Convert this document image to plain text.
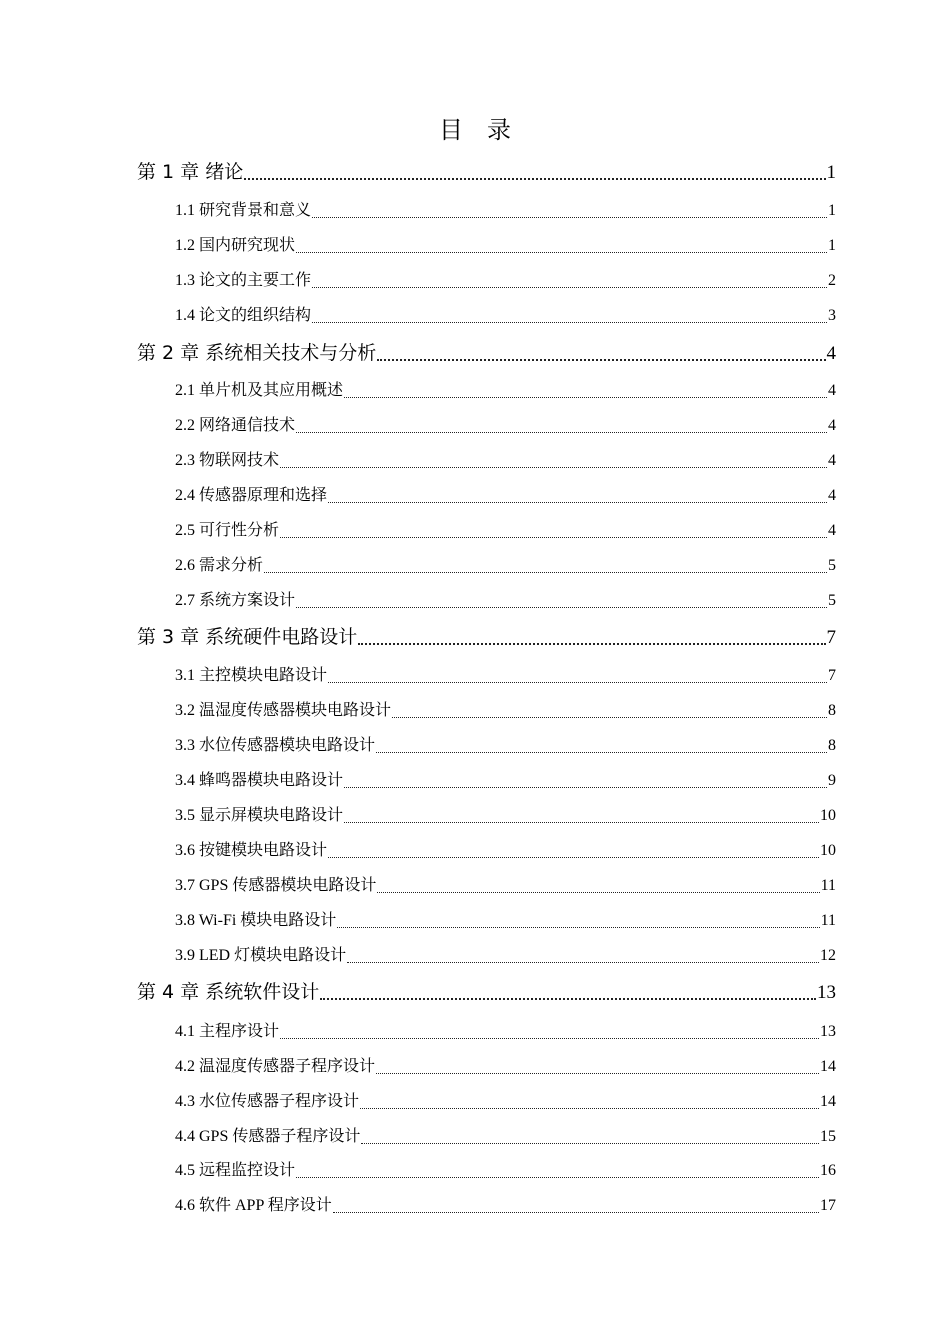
目　录
第 1 章 绪论	1
1.1 研究背景和意义	1
1.2 国内研究现状	1
1.3 论文的主要工作	2
1.4 论文的组织结构	3
第 2 章 系统相关技术与分析	4
2.1 单片机及其应用概述	4
2.2 网络通信技术	4
2.3 物联网技术	4
2.4 传感器原理和选择	4
2.5 可行性分析	4
2.6 需求分析	5
2.7 系统方案设计	5
第 3 章 系统硬件电路设计	7
3.1 主控模块电路设计	7
3.2 温湿度传感器模块电路设计	8
3.3 水位传感器模块电路设计	8
3.4 蜂鸣器模块电路设计	9
3.5 显示屏模块电路设计	10
3.6 按键模块电路设计	10
3.7 GPS 传感器模块电路设计	11
3.8 Wi-Fi 模块电路设计	11
3.9 LED 灯模块电路设计	12
第 4 章 系统软件设计	13
4.1 主程序设计	13
4.2 温湿度传感器子程序设计	14
4.3 水位传感器子程序设计	14
4.4 GPS 传感器子程序设计	15
4.5 远程监控设计	16
4.6 软件 APP 程序设计	17
